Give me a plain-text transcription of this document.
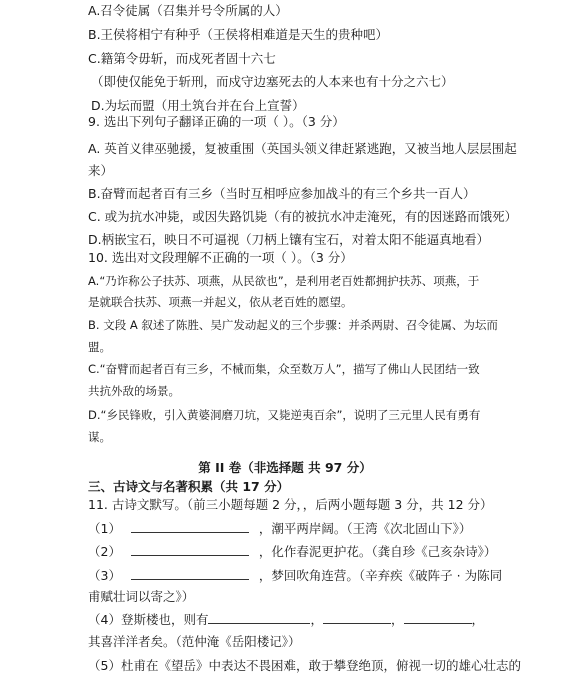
A.召令徒属（召集并号令所属的人）
B.王侯将相宁有种乎（王侯将相难道是天生的贵种吧）
C.籍第令毋斩，而戍死者固十六七
（即使仅能免于斩刑，而戍守边塞死去的人本来也有十分之六七）
D.为坛而盟（用土筑台并在台上宣誓）
9. 选出下列句子翻译正确的一项（ ）。（3 分）
A. 英首义律巫驰援，复被重围（英国头领义律赶紧逃跑，又被当地人层层围起
来）
B.奋臂而起者百有三乡（当时互相呼应参加战斗的有三个乡共一百人）
C. 或为抗水冲毙，或因失路饥毙（有的被抗水冲走淹死，有的因迷路而饿死）
D.柄嵌宝石，映日不可逼视（刀柄上镶有宝石，对着太阳不能逼真地看）
10. 选出对文段理解不正确的一项（ ）。（3 分）
A.“乃诈称公子扶苏、项燕，从民欲也”，是利用老百姓都拥护扶苏、项燕，于
是就联合扶苏、项燕一并起义，依从老百姓的愿望。
B. 文段 A 叙述了陈胜、吴广发动起义的三个步骤：并杀两尉、召令徒属、为坛而
盟。
C.“奋臂而起者百有三乡，不械而集，众至数万人”，描写了佛山人民团结一致
共抗外敌的场景。
D.“乡民锋败，引入黄婆洞磨刀坑，又毙逆夷百余”，说明了三元里人民有勇有
谋。
第 II 卷（非选择题 共 97 分）
三、古诗文与名著积累（共 17 分）
11. 古诗文默写。（前三小题每题 2 分，，后两小题每题 3 分，共 12 分）
（1）	，潮平两岸阔。（王湾《次北固山下》）
（2）	，化作春泥更护花。（龚自珍《己亥杂诗》）
（3）	，梦回吹角连营。（辛弃疾《破阵子 · 为陈同
甫赋壮词以寄之》）
（4）登斯楼也，则有	，	，	，
其喜洋洋者矣。（范仲淹《岳阳楼记》）
（5）杜甫在《望岳》中表达不畏困难，敢于攀登绝顶，俯视一切的雄心壮志的
